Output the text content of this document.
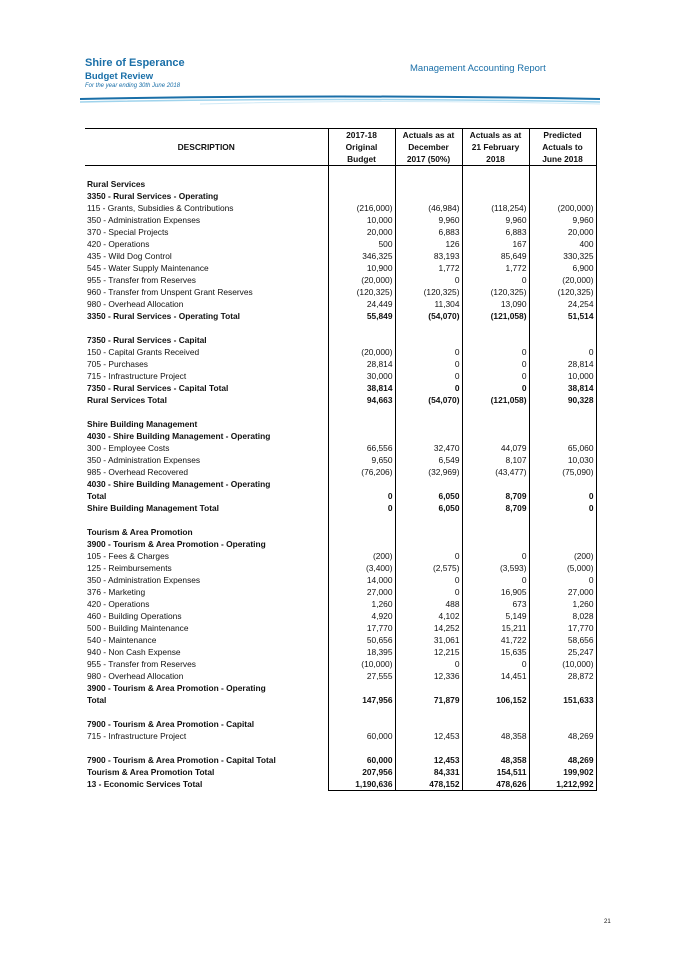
Shire of Esperance
Budget Review
For the year ending 30th June 2018
Management Accounting Report
	2017-18	Actuals as at	Actuals as at	Predicted
DESCRIPTION	Original	December	21 February	Actuals to
	Budget	2017 (50%)	2018	June 2018

Rural Services				
3350 - Rural Services - Operating				
115 - Grants, Subsidies & Contributions	(216,000)	(46,984)	(118,254)	(200,000)
350 - Administration Expenses	10,000	9,960	9,960	9,960
370 - Special Projects	20,000	6,883	6,883	20,000
420 - Operations	500	126	167	400
435 - Wild Dog Control	346,325	83,193	85,649	330,325
545 - Water Supply Maintenance	10,900	1,772	1,772	6,900
955 - Transfer from Reserves	(20,000)	0	0	(20,000)
960 - Transfer from Unspent Grant Reserves	(120,325)	(120,325)	(120,325)	(120,325)
980 - Overhead Allocation	24,449	11,304	13,090	24,254
3350 - Rural Services - Operating Total	55,849	(54,070)	(121,058)	51,514

7350 - Rural Services - Capital				
150 - Capital Grants Received	(20,000)	0	0	0
705 - Purchases	28,814	0	0	28,814
715 - Infrastructure Project	30,000	0	0	10,000
7350 - Rural Services - Capital Total	38,814	0	0	38,814
Rural Services Total	94,663	(54,070)	(121,058)	90,328

Shire Building Management				
4030 - Shire Building Management - Operating				
300 - Employee Costs	66,556	32,470	44,079	65,060
350 - Administration Expenses	9,650	6,549	8,107	10,030
985 - Overhead Recovered	(76,206)	(32,969)	(43,477)	(75,090)
4030 - Shire Building Management - Operating				
Total	0	6,050	8,709	0
Shire Building Management Total	0	6,050	8,709	0

Tourism & Area Promotion				
3900 - Tourism & Area Promotion - Operating				
105 - Fees & Charges	(200)	0	0	(200)
125 - Reimbursements	(3,400)	(2,575)	(3,593)	(5,000)
350 - Administration Expenses	14,000	0	0	0
376 - Marketing	27,000	0	16,905	27,000
420 - Operations	1,260	488	673	1,260
460 - Building Operations	4,920	4,102	5,149	8,028
500 - Building Maintenance	17,770	14,252	15,211	17,770
540 - Maintenance	50,656	31,061	41,722	58,656
940 - Non Cash Expense	18,395	12,215	15,635	25,247
955 - Transfer from Reserves	(10,000)	0	0	(10,000)
980 - Overhead Allocation	27,555	12,336	14,451	28,872
3900 - Tourism & Area Promotion - Operating				
Total	147,956	71,879	106,152	151,633

7900 - Tourism & Area Promotion - Capital				
715 - Infrastructure Project	60,000	12,453	48,358	48,269

7900 - Tourism & Area Promotion - Capital Total	60,000	12,453	48,358	48,269
Tourism & Area Promotion Total	207,956	84,331	154,511	199,902
13 - Economic Services Total	1,190,636	478,152	478,626	1,212,992
21
